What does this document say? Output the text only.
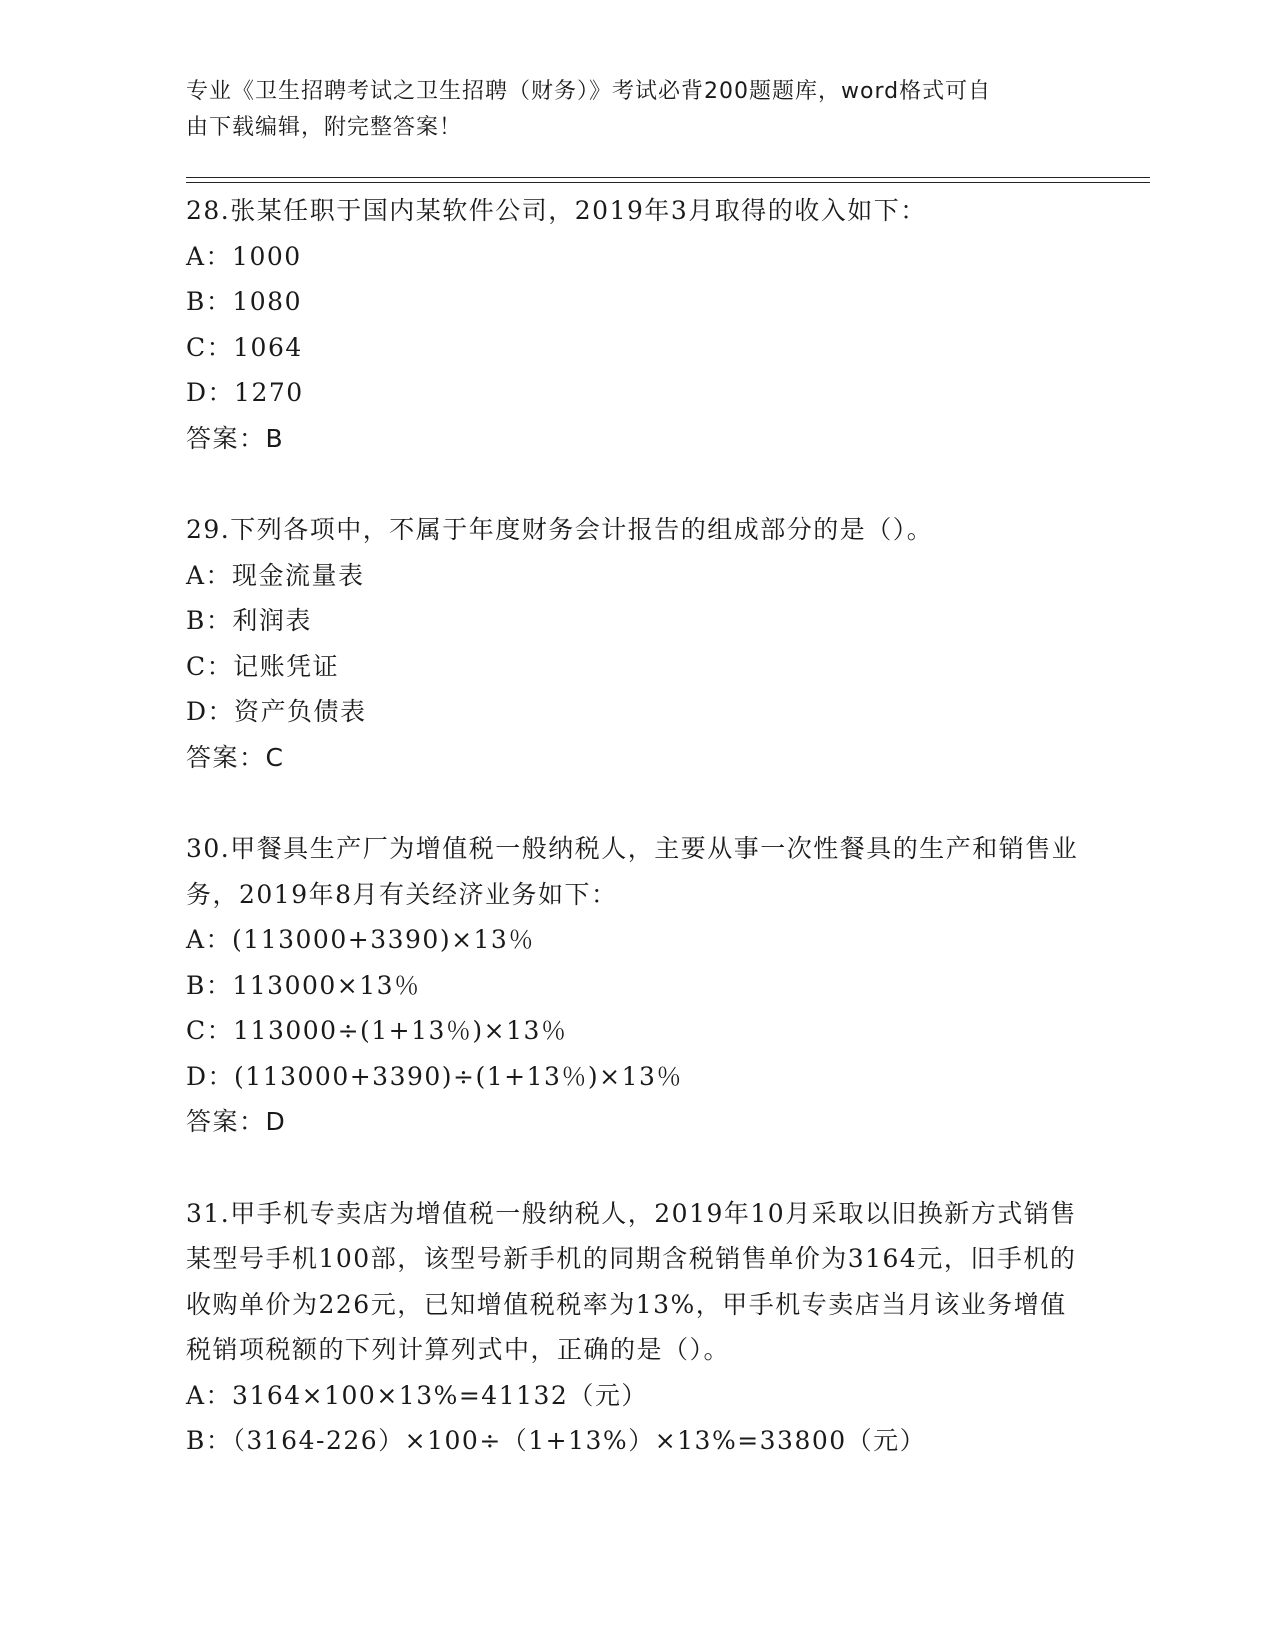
专业《卫生招聘考试之卫生招聘（财务）》考试必背200题题库，word格式可自
由下载编辑，附完整答案！
28.张某任职于国内某软件公司，2019年3月取得的收入如下：
A：1000
B：1080
C：1064
D：1270
答案：B
29.下列各项中，不属于年度财务会计报告的组成部分的是（）。
A：现金流量表
B：利润表
C：记账凭证
D：资产负债表
答案：C
30.甲餐具生产厂为增值税一般纳税人，主要从事一次性餐具的生产和销售业务，2019年8月有关经济业务如下：
A：(113000+3390)×13％
B：113000×13％
C：113000÷(1+13％)×13％
D：(113000+3390)÷(1+13％)×13％
答案：D
31.甲手机专卖店为增值税一般纳税人，2019年10月采取以旧换新方式销售某型号手机100部，该型号新手机的同期含税销售单价为3164元，旧手机的收购单价为226元，已知增值税税率为13%，甲手机专卖店当月该业务增值税销项税额的下列计算列式中，正确的是（）。
A：3164×100×13%=41132（元）
B：（3164-226）×100÷（1+13%）×13%=33800（元）
